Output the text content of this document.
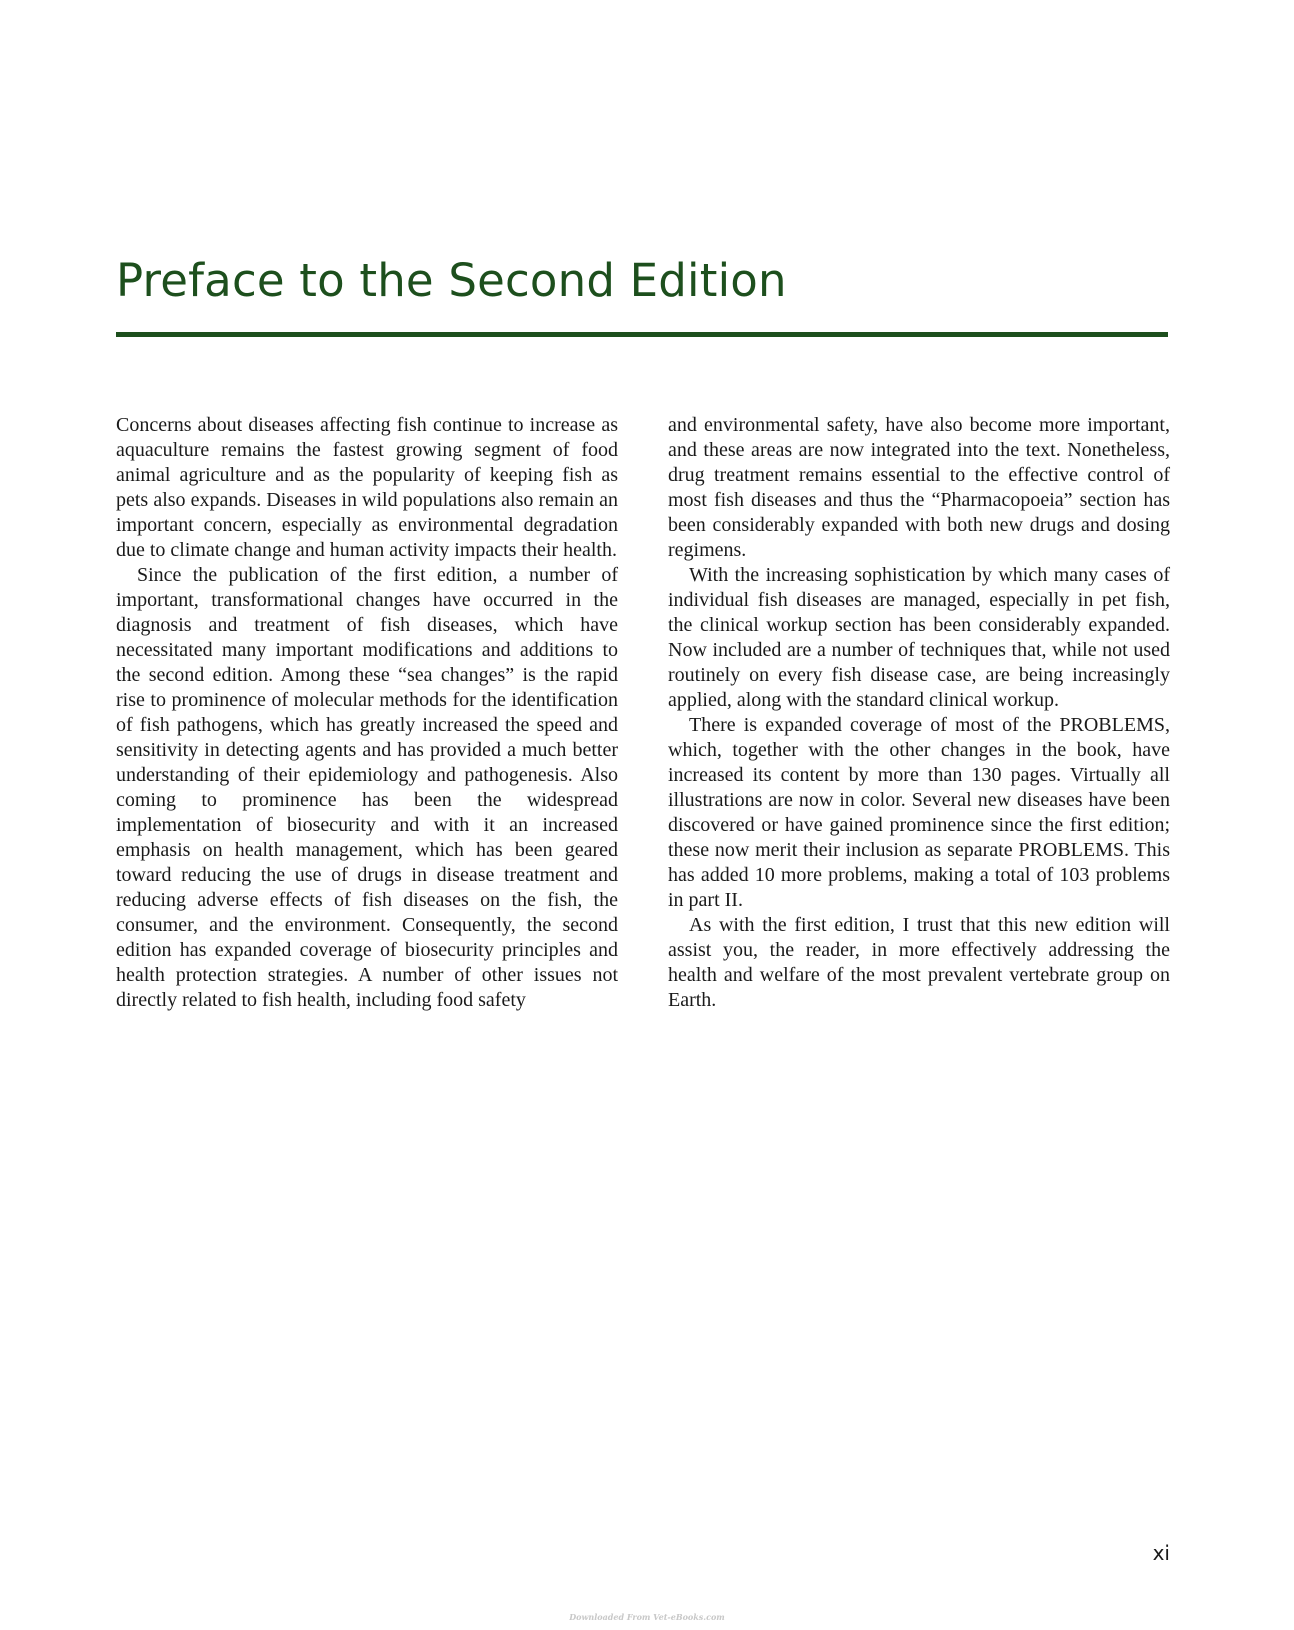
Preface to the Second Edition

Concerns about diseases affecting fish continue to increase as aquaculture remains the fastest growing segment of food animal agriculture and as the popularity of keeping fish as pets also expands. Diseases in wild populations also remain an important concern, especially as environmental degradation due to climate change and human activity impacts their health.

Since the publication of the first edition, a number of important, transformational changes have occurred in the diagnosis and treatment of fish diseases, which have necessitated many important modifications and additions to the second edition. Among these “sea changes” is the rapid rise to prominence of molecular methods for the identification of fish pathogens, which has greatly increased the speed and sensitivity in detecting agents and has provided a much better understanding of their epidemiology and pathogenesis. Also coming to prominence has been the widespread implementation of biosecurity and with it an increased emphasis on health management, which has been geared toward reducing the use of drugs in disease treatment and reducing adverse effects of fish diseases on the fish, the consumer, and the environment. Consequently, the second edition has expanded coverage of biosecurity principles and health protection strategies. A number of other issues not directly related to fish health, including food safety

and environmental safety, have also become more important, and these areas are now integrated into the text. Nonetheless, drug treatment remains essential to the effective control of most fish diseases and thus the “Pharmacopoeia” section has been considerably expanded with both new drugs and dosing regimens.

With the increasing sophistication by which many cases of individual fish diseases are managed, especially in pet fish, the clinical workup section has been considerably expanded. Now included are a number of techniques that, while not used routinely on every fish disease case, are being increasingly applied, along with the standard clinical workup.

There is expanded coverage of most of the PROBLEMS, which, together with the other changes in the book, have increased its content by more than 130 pages. Virtually all illustrations are now in color. Several new diseases have been discovered or have gained prominence since the first edition; these now merit their inclusion as separate PROBLEMS. This has added 10 more problems, making a total of 103 problems in part II.

As with the first edition, I trust that this new edition will assist you, the reader, in more effectively addressing the health and welfare of the most prevalent vertebrate group on Earth.

xi
Downloaded From Vet-eBooks.com
